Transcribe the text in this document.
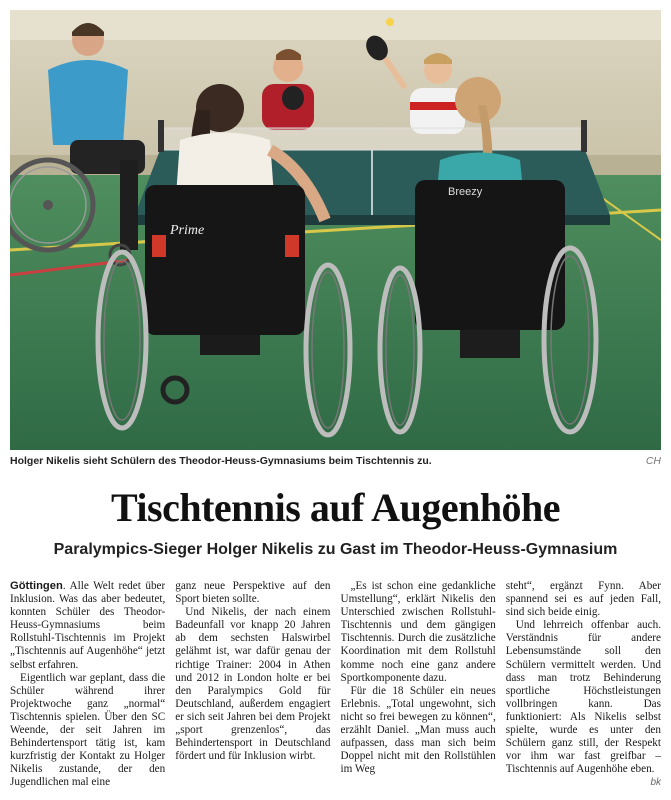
Prime
Breezy
Holger Nikelis sieht Schülern des Theodor-Heuss-Gymnasiums beim Tischtennis zu.	CH
Tischtennis auf Augenhöhe
Paralympics-Sieger Holger Nikelis zu Gast im Theodor-Heuss-Gymnasium

Göttingen. Alle Welt redet über Inklusion. Was das aber bedeutet, konnten Schüler des Theodor-Heuss-Gymnasiums beim Rollstuhl-Tischtennis im Projekt „Tischtennis auf Augenhöhe“ jetzt selbst erfahren.

Eigentlich war geplant, dass die Schüler während ihrer Projektwoche ganz „normal“ Tischtennis spielen. Über den SC Weende, der seit Jahren im Behindertensport tätig ist, kam kurzfristig der Kontakt zu Holger Nikelis zustande, der den Jugendlichen mal eine

ganz neue Perspektive auf den Sport bieten sollte.

Und Nikelis, der nach einem Badeunfall vor knapp 20 Jahren ab dem sechsten Halswirbel gelähmt ist, war dafür genau der richtige Trainer: 2004 in Athen und 2012 in London holte er bei den Paralympics Gold für Deutschland, außerdem engagiert er sich seit Jahren bei dem Projekt „sport grenzenlos“, das Behindertensport in Deutschland fördert und für Inklusion wirbt.

„Es ist schon eine gedankliche Umstellung“, erklärt Nikelis den Unterschied zwischen Rollstuhl-Tischtennis und dem gängigen Tischtennis. Durch die zusätzliche Koordination mit dem Rollstuhl komme noch eine ganz andere Sportkomponente dazu.

Für die 18 Schüler ein neues Erlebnis. „Total ungewohnt, sich nicht so frei bewegen zu können“, erzählt Daniel. „Man muss auch aufpassen, dass man sich beim Doppel nicht mit den Rollstühlen im Weg

steht“, ergänzt Fynn. Aber spannend sei es auf jeden Fall, sind sich beide einig.

Und lehrreich offenbar auch. Verständnis für andere Lebensumstände soll den Schülern vermittelt werden. Und dass man trotz Behinderung sportliche Höchstleistungen vollbringen kann. Das funktioniert: Als Nikelis selbst spielte, wurde es unter den Schülern ganz still, der Respekt vor ihm war fast greifbar – Tischtennis auf Augenhöhe eben.

bk
